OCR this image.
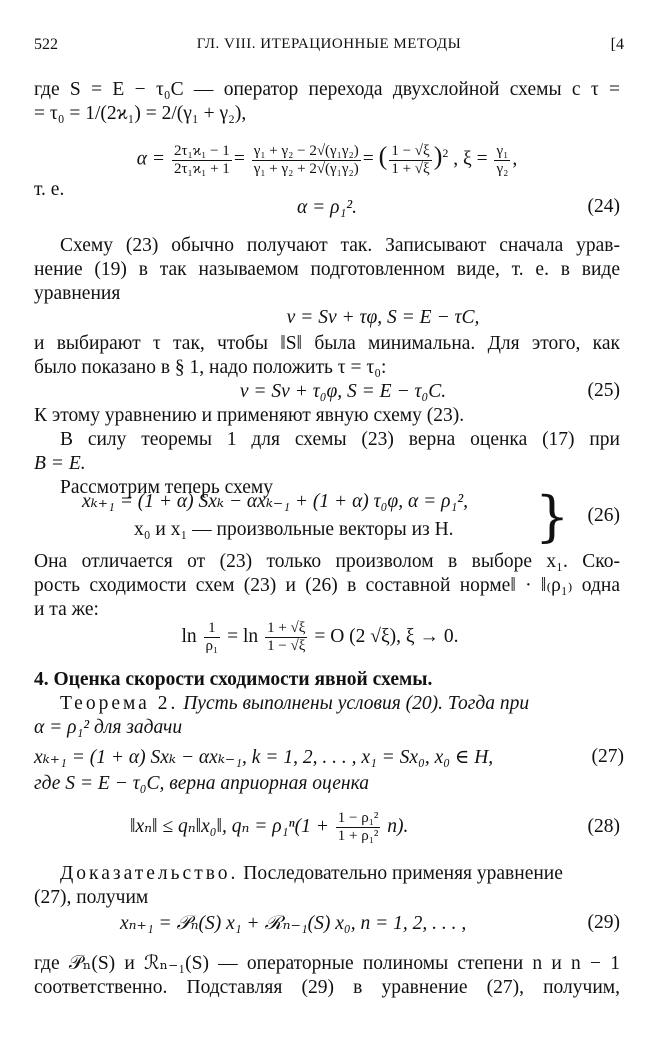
522	ГЛ. VIII. ИТЕРАЦИОННЫЕ МЕТОДЫ	[4
где S = E − τ₀C — оператор перехода двухслойной схемы с τ =
= τ₀ = 1/(2ϰ₁) = 2/(γ₁ + γ₂),
$\alpha = \frac{\text{2τ₁ϰ₁ − 1}}{\text{2τ₁ϰ₁ + 1}} = \frac{\text{γ₁ + γ₂ − 2√(γ₁γ₂)}}{\text{γ₁ + γ₂ + 2√(γ₁γ₂)}}$ = ( $\frac{1 - √\xi}{1 + √\xi} )^2$ , $\xi = \frac{\text{γ₁}}{\text{γ₂}}$ ,
т. е.
α = ρ₁².	(24)
Схему (23) обычно получают так. Записывают сначала урав-
нение (19) в так называемом подготовленном виде, т. е. в виде
уравнения
v = Sv + τφ, S = E − τC,
и выбирают τ так, чтобы ‖S‖ была минимальна. Для этого, как
было показано в § 1, надо положить τ = τ₀:
v = Sv + τ₀φ, S = E − τ₀C.	(25)
К этому уравнению и применяют явную схему (23).
В силу теоремы 1 для схемы (23) верна оценка (17) при
B = E.
Рассмотрим теперь схему
xₖ₊₁ = (1 + α) Sxₖ − αxₖ₋₁ + (1 + α) τ₀φ, α = ρ₁²,
x₀ и x₁ — произвольные векторы из H.	} (26)
Она отличается от (23) только произволом в выборе x₁. Ско-
рость сходимости схем (23) и (26) в составной норме‖ · ‖₍ρ₁₎ одна
и та же:
$\ln \frac{1}{\text{ρ₁}} = \ln \frac{1 + √\xi}{1 - √\xi} = O$ (2 √ξ), ξ → 0.
4. Оценка скорости сходимости явной схемы.
Теорема 2. Пусть выполнены условия (20). Тогда при
α = ρ₁² для задачи
xₖ₊₁ = (1 + α) Sxₖ − αxₖ₋₁, k = 1, 2, . . . , x₁ = Sx₀, x₀ ∈ H,	(27)
где S = E − τ₀C, верна априорная оценка
‖xₙ‖ ≤ qₙ‖x₀‖, $q_n = \rho_1^n(1 + \frac{\text{1 − ρ₁²}}{\text{1 + ρ₁²}} n)$.	(28)
Доказательство. Последовательно применяя уравнение
(27), получим
xₙ₊₁ = 𝒫ₙ(S) x₁ + ℛₙ₋₁(S) x₀, n = 1, 2, . . . ,	(29)
где 𝒫ₙ(S) и ℛₙ₋₁(S) — операторные полиномы степени n и n − 1
соответственно. Подставляя (29) в уравнение (27), получим,
